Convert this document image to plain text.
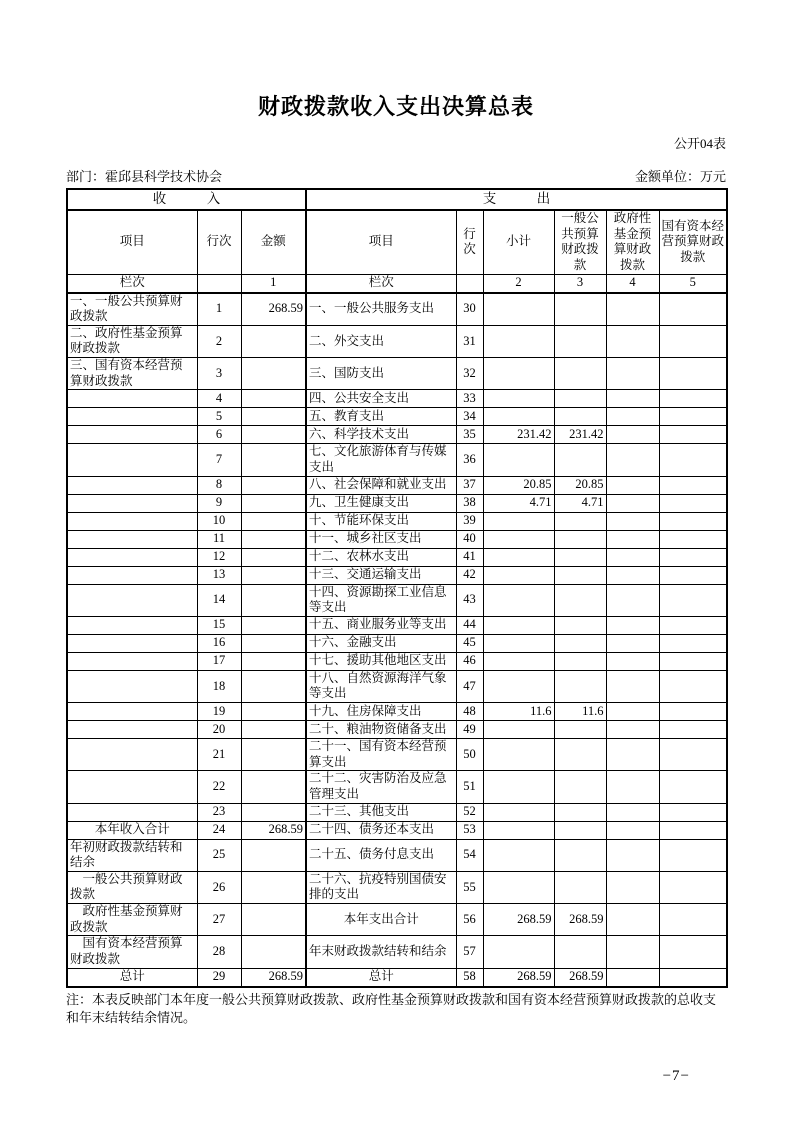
财政拨款收入支出决算总表
公开04表
部门：霍邱县科学技术协会	金额单位：万元
收　　　入			支　　　出					
项目	行次	金额	项目	行次	小计	一般公共预算财政拨款	政府性基金预算财政拨款	国有资本经营预算财政拨款
栏次		1	栏次		2	3	4	5
一、一般公共预算财政拨款	1	268.59	一、一般公共服务支出	30				
二、政府性基金预算财政拨款	2		二、外交支出	31				
三、国有资本经营预算财政拨款	3		三、国防支出	32				
	4		四、公共安全支出	33				
	5		五、教育支出	34				
	6		六、科学技术支出	35	231.42	231.42		
	7		七、文化旅游体育与传媒支出	36				
	8		八、社会保障和就业支出	37	20.85	20.85		
	9		九、卫生健康支出	38	4.71	4.71		
	10		十、节能环保支出	39				
	11		十一、城乡社区支出	40				
	12		十二、农林水支出	41				
	13		十三、交通运输支出	42				
	14		十四、资源勘探工业信息等支出	43				
	15		十五、商业服务业等支出	44				
	16		十六、金融支出	45				
	17		十七、援助其他地区支出	46				
	18		十八、自然资源海洋气象等支出	47				
	19		十九、住房保障支出	48	11.6	11.6		
	20		二十、粮油物资储备支出	49				
	21		二十一、国有资本经营预算支出	50				
	22		二十二、灾害防治及应急管理支出	51				
	23		二十三、其他支出	52				
本年收入合计	24	268.59	二十四、债务还本支出	53				
年初财政拨款结转和结余	25		二十五、债务付息支出	54				
一般公共预算财政拨款	26		二十六、抗疫特别国债安排的支出	55				
政府性基金预算财政拨款	27		本年支出合计	56	268.59	268.59		
国有资本经营预算财政拨款	28		年末财政拨款结转和结余	57				
总计	29	268.59	总计	58	268.59	268.59		
注：本表反映部门本年度一般公共预算财政拨款、政府性基金预算财政拨款和国有资本经营预算财政拨款的总收支和年末结转结余情况。
−7−
